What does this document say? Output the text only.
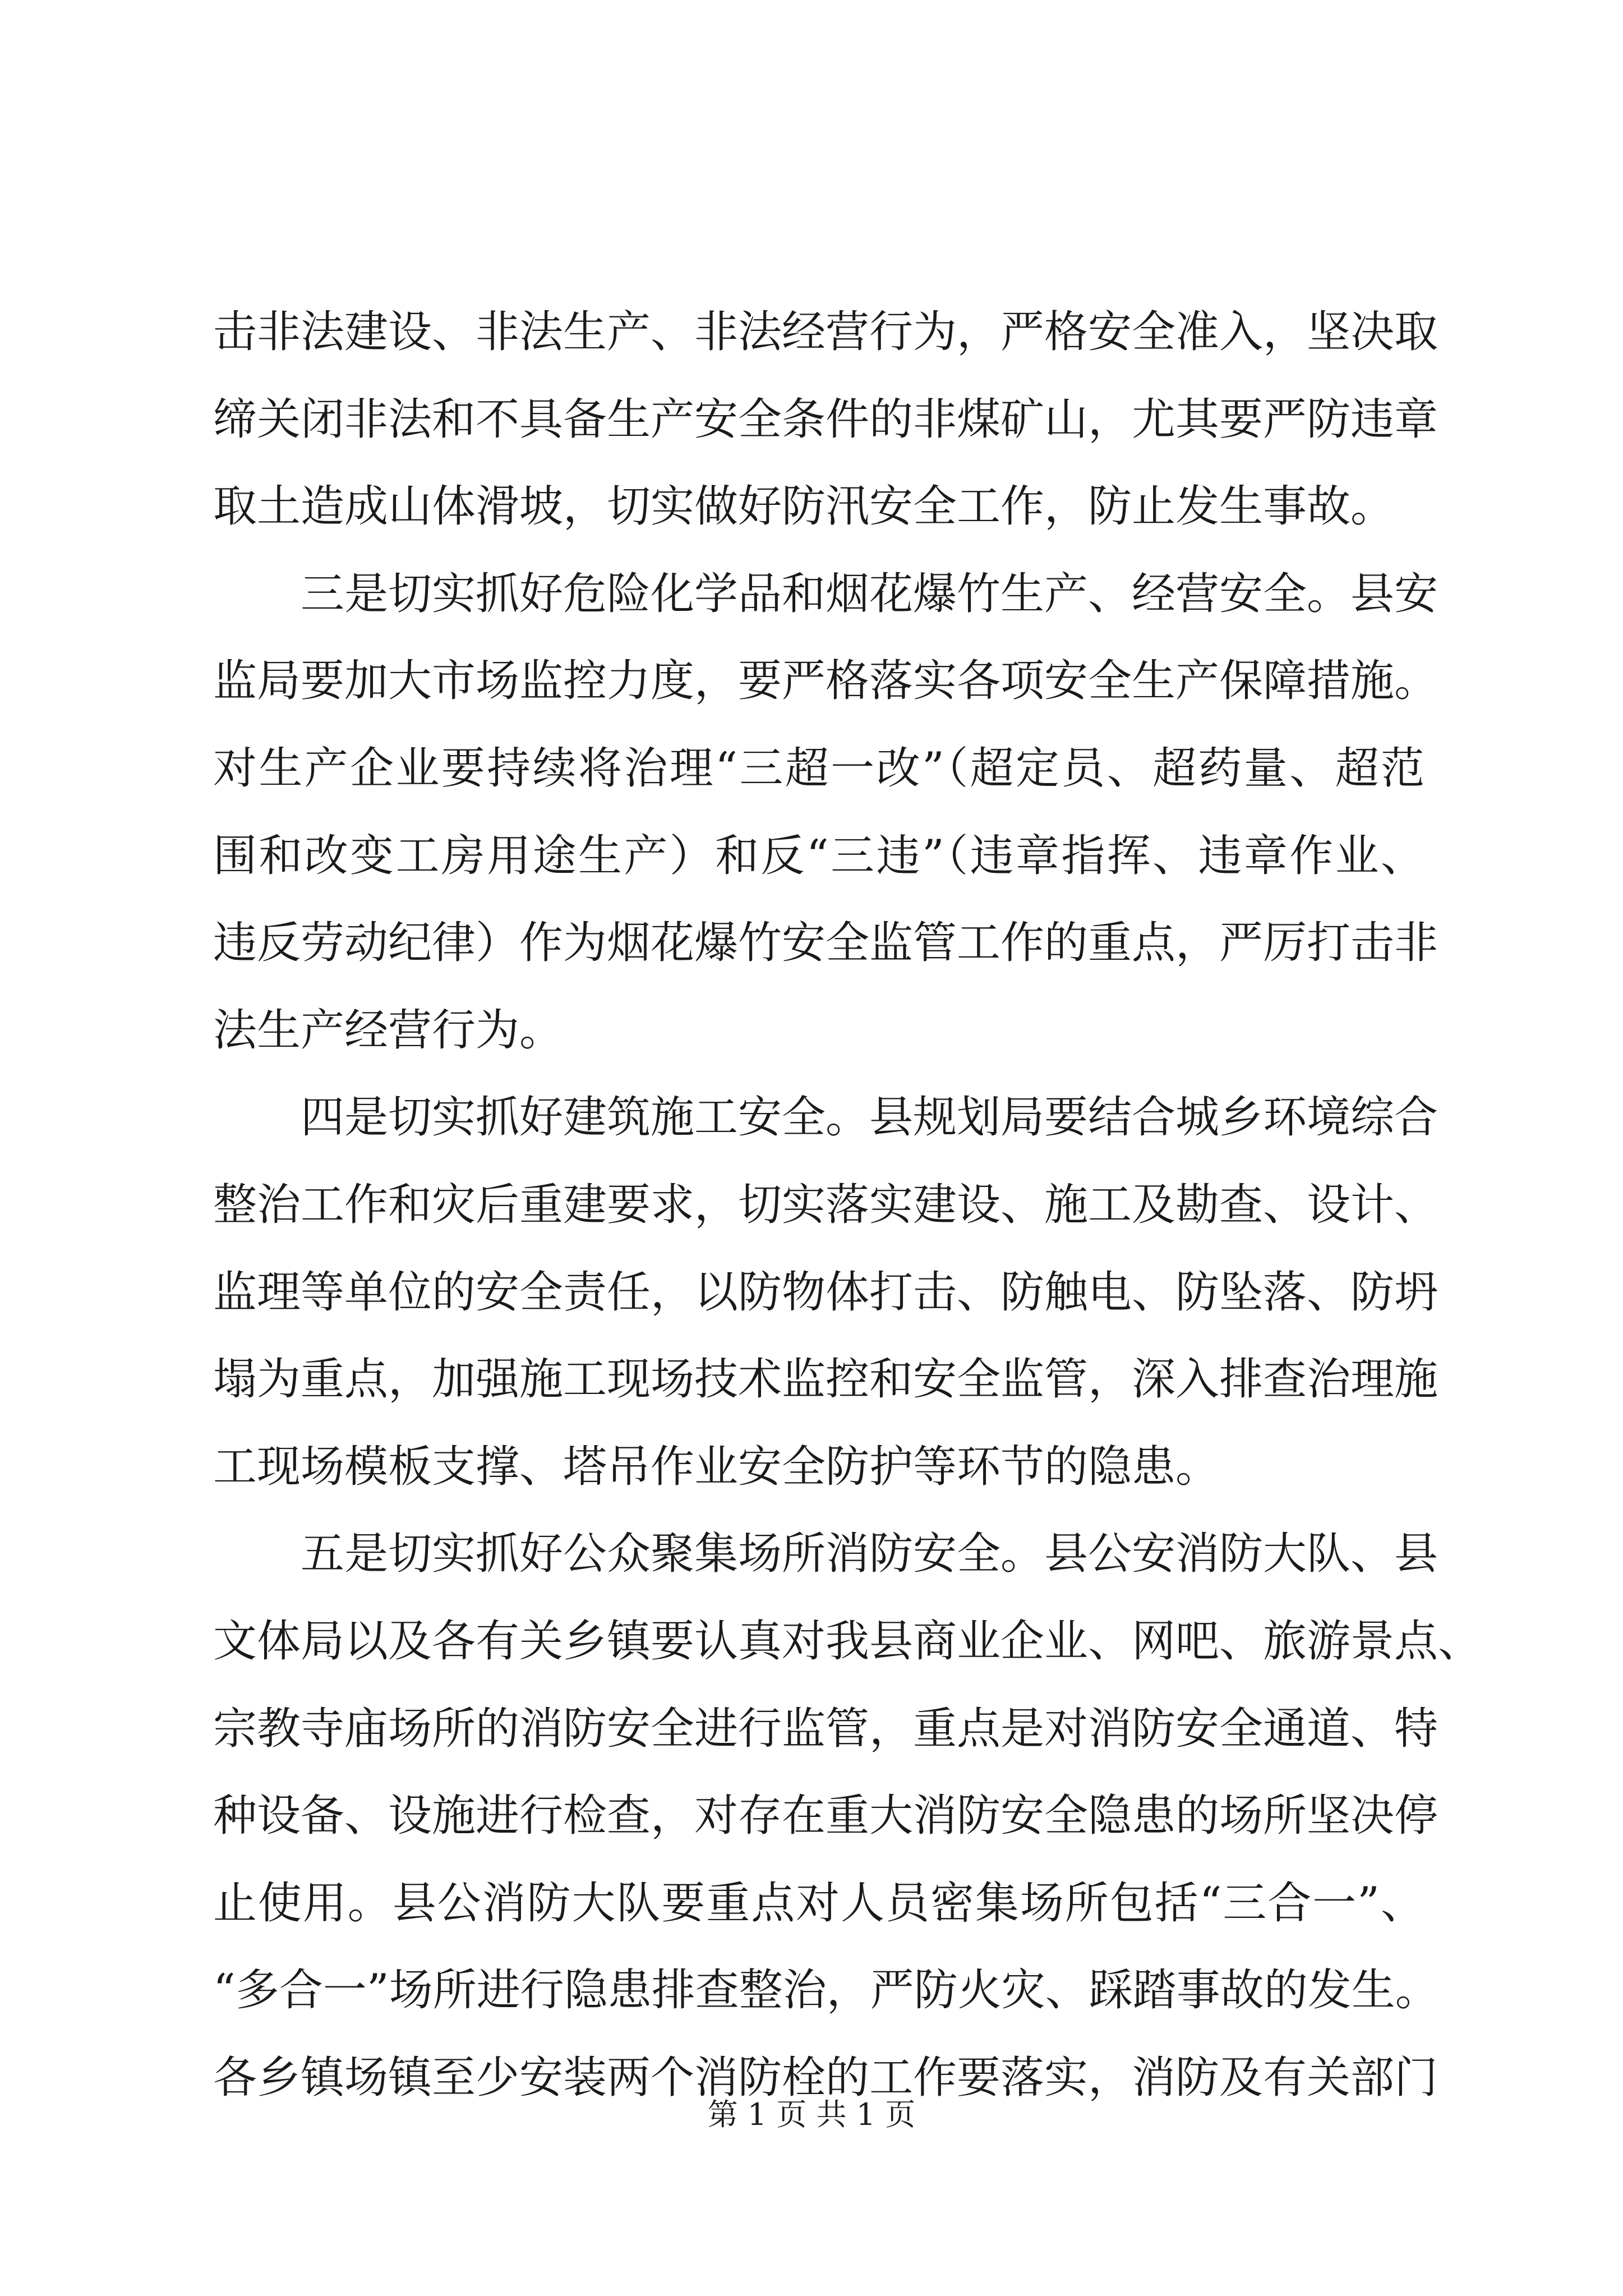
击非法建设、非法生产、非法经营行为，严格安全准入，坚决取
缔关闭非法和不具备生产安全条件的非煤矿山，尤其要严防违章
取土造成山体滑坡，切实做好防汛安全工作，防止发生事故。
三是切实抓好危险化学品和烟花爆竹生产、经营安全。县安
监局要加大市场监控力度，要严格落实各项安全生产保障措施。
对生产企业要持续将治理“三超一改”（超定员、超药量、超范
围和改变工房用途生产）和反“三违”（违章指挥、违章作业、
违反劳动纪律）作为烟花爆竹安全监管工作的重点，严厉打击非
法生产经营行为。
四是切实抓好建筑施工安全。县规划局要结合城乡环境综合
整治工作和灾后重建要求，切实落实建设、施工及勘查、设计、
监理等单位的安全责任，以防物体打击、防触电、防坠落、防坍
塌为重点，加强施工现场技术监控和安全监管，深入排查治理施
工现场模板支撑、塔吊作业安全防护等环节的隐患。
五是切实抓好公众聚集场所消防安全。县公安消防大队、县
文体局以及各有关乡镇要认真对我县商业企业、网吧、旅游景点、
宗教寺庙场所的消防安全进行监管，重点是对消防安全通道、特
种设备、设施进行检查，对存在重大消防安全隐患的场所坚决停
止使用。县公消防大队要重点对人员密集场所包括“三合一”、
“多合一”场所进行隐患排查整治，严防火灾、踩踏事故的发生。
各乡镇场镇至少安装两个消防栓的工作要落实，消防及有关部门
第 1 页 共 1 页
